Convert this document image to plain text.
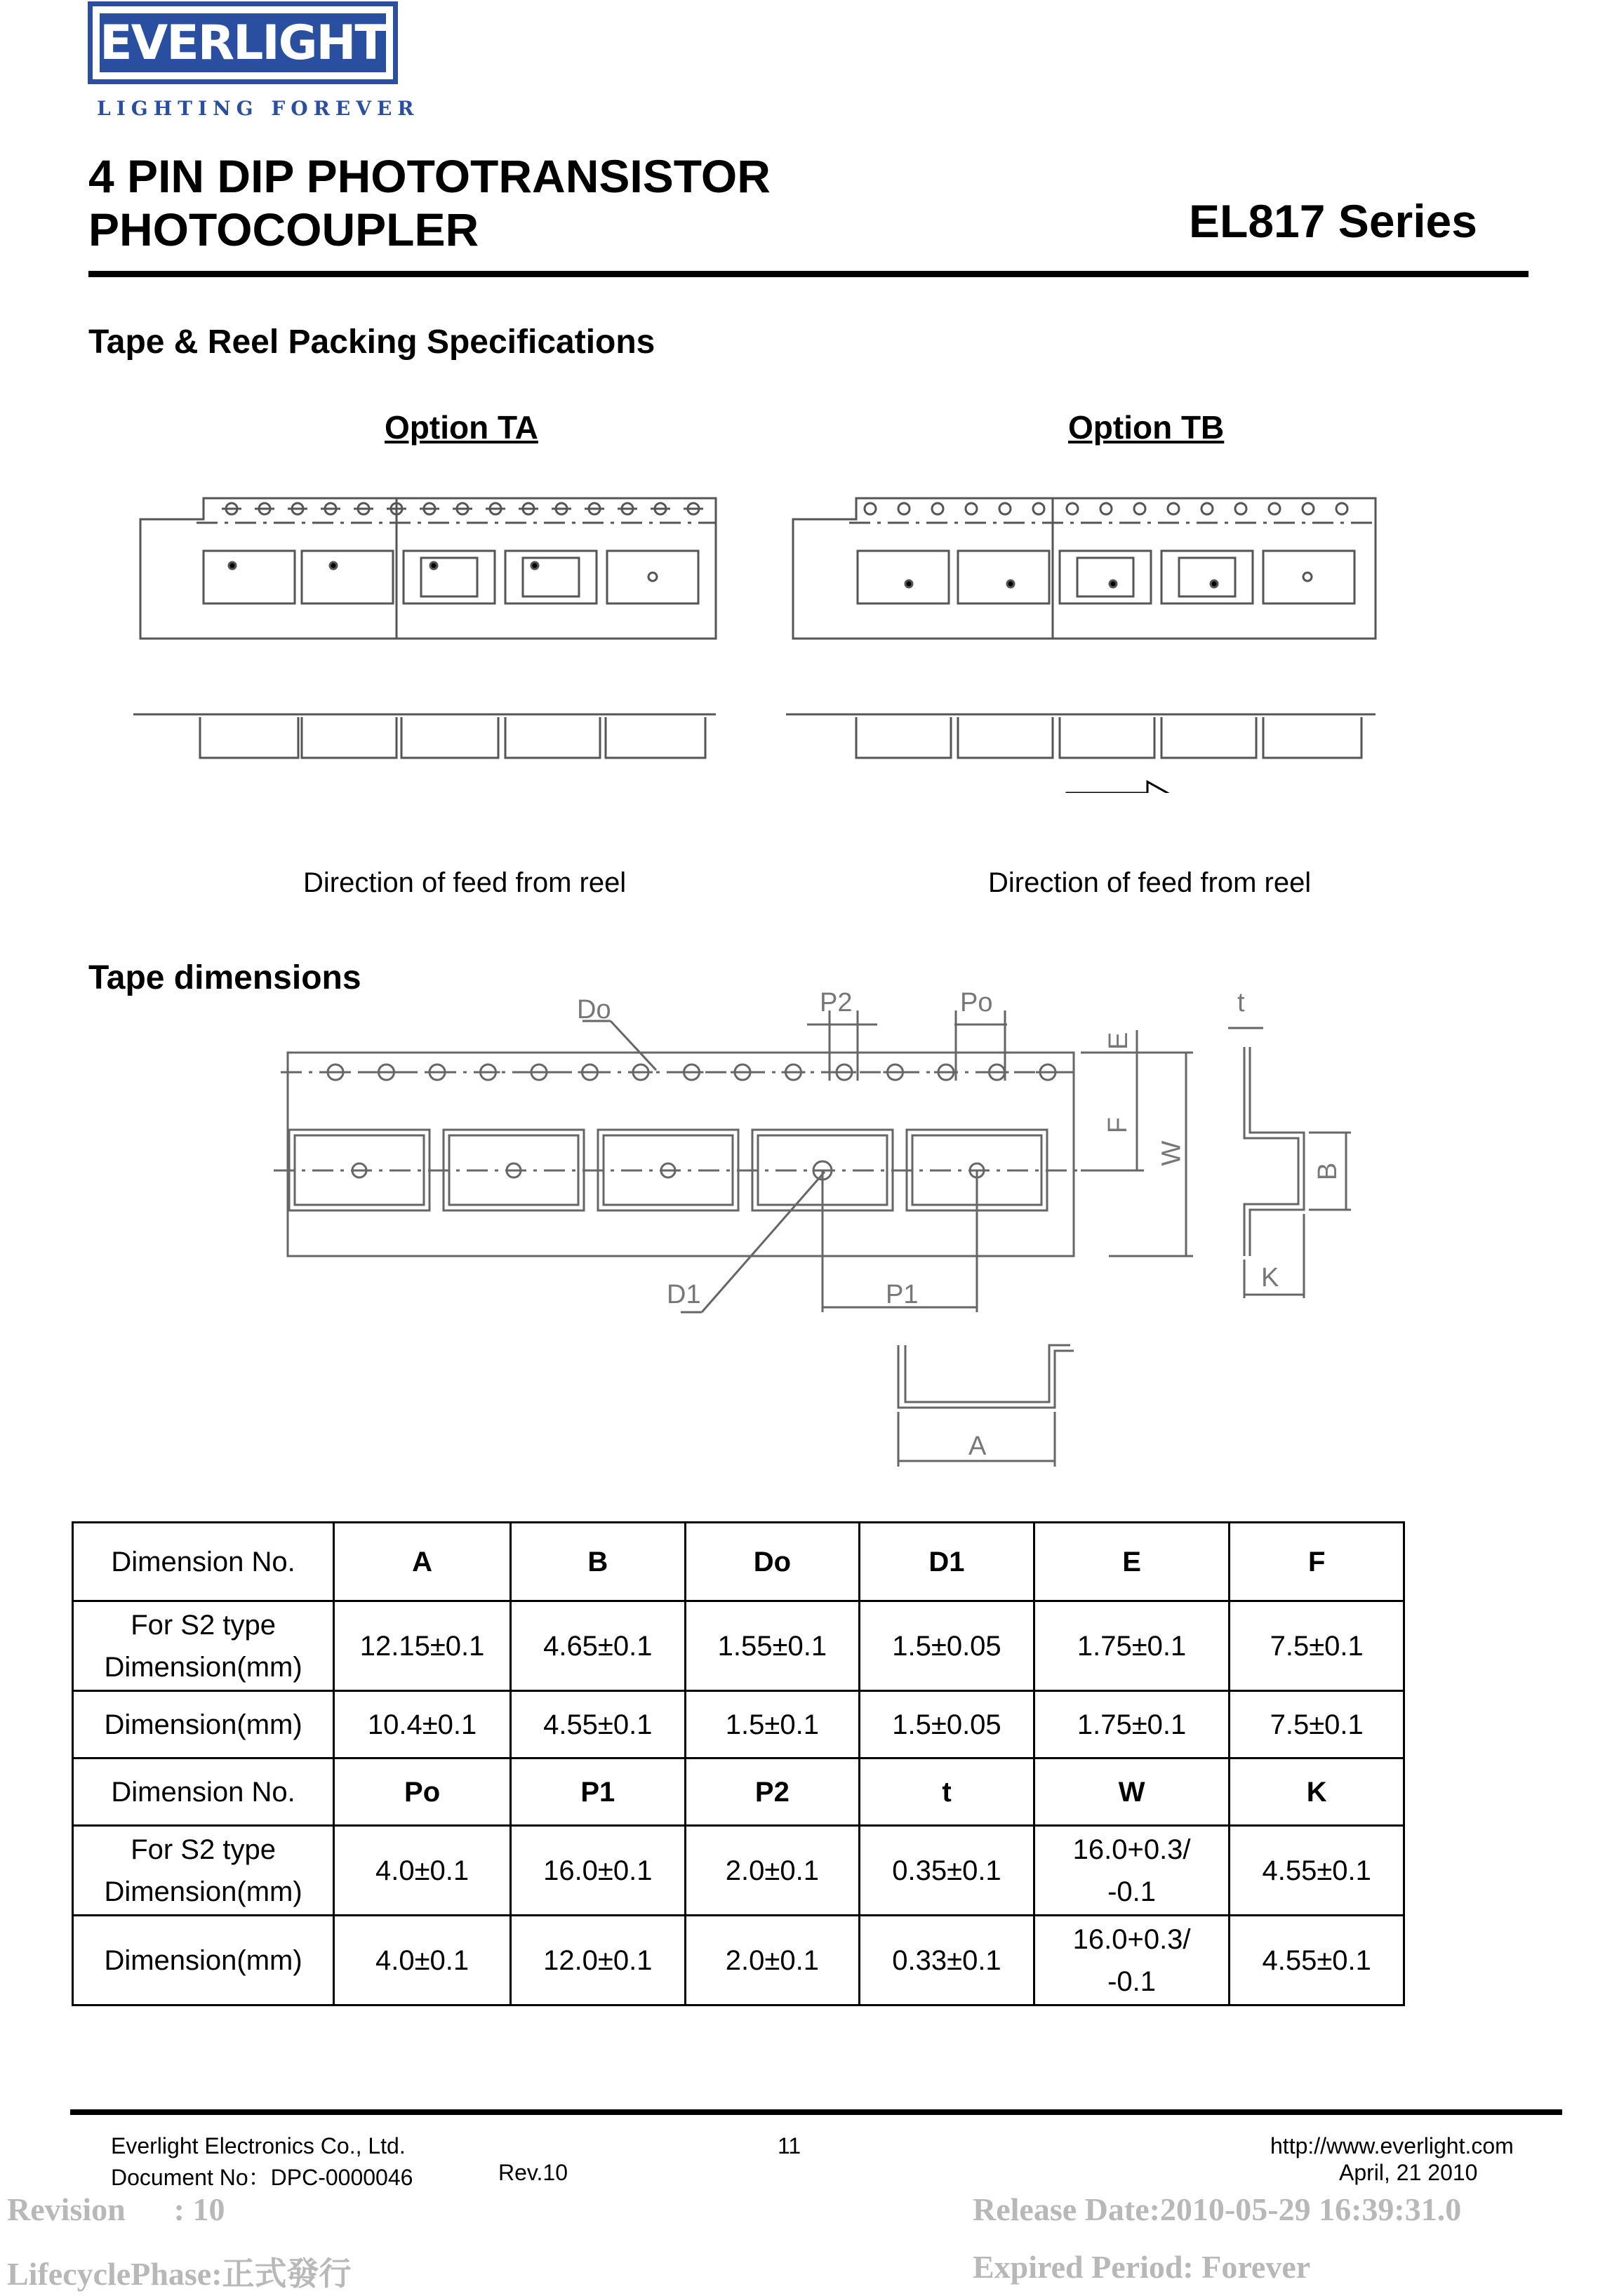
EVERLIGHT
LIGHTING FOREVER
4 PIN DIP PHOTOTRANSISTOR
PHOTOCOUPLER	EL817 Series
Tape & Reel Packing Specifications
Option TA	Option TB
Direction of feed from reel	Direction of feed from reel
Tape dimensions
Do	P2	Po	t
E
F
W
B
K
D1	P1
A
Dimension No.	A	B	Do	D1	E	F
For S2 type
Dimension(mm)	12.15±0.1	4.65±0.1	1.55±0.1	1.5±0.05	1.75±0.1	7.5±0.1
Dimension(mm)	10.4±0.1	4.55±0.1	1.5±0.1	1.5±0.05	1.75±0.1	7.5±0.1
Dimension No.	Po	P1	P2	t	W	K
For S2 type
Dimension(mm)	4.0±0.1	16.0±0.1	2.0±0.1	0.35±0.1	16.0+0.3/
-0.1	4.55±0.1
Dimension(mm)	4.0±0.1	12.0±0.1	2.0±0.1	0.33±0.1	16.0+0.3/
-0.1	4.55±0.1
Everlight Electronics Co., Ltd.
Document No：DPC-0000046	Rev.10
11	http://www.everlight.com
April, 21 2010
Revision      : 10
LifecyclePhase:正式發行
Release Date:2010-05-29 16:39:31.0
Expired Period: Forever
